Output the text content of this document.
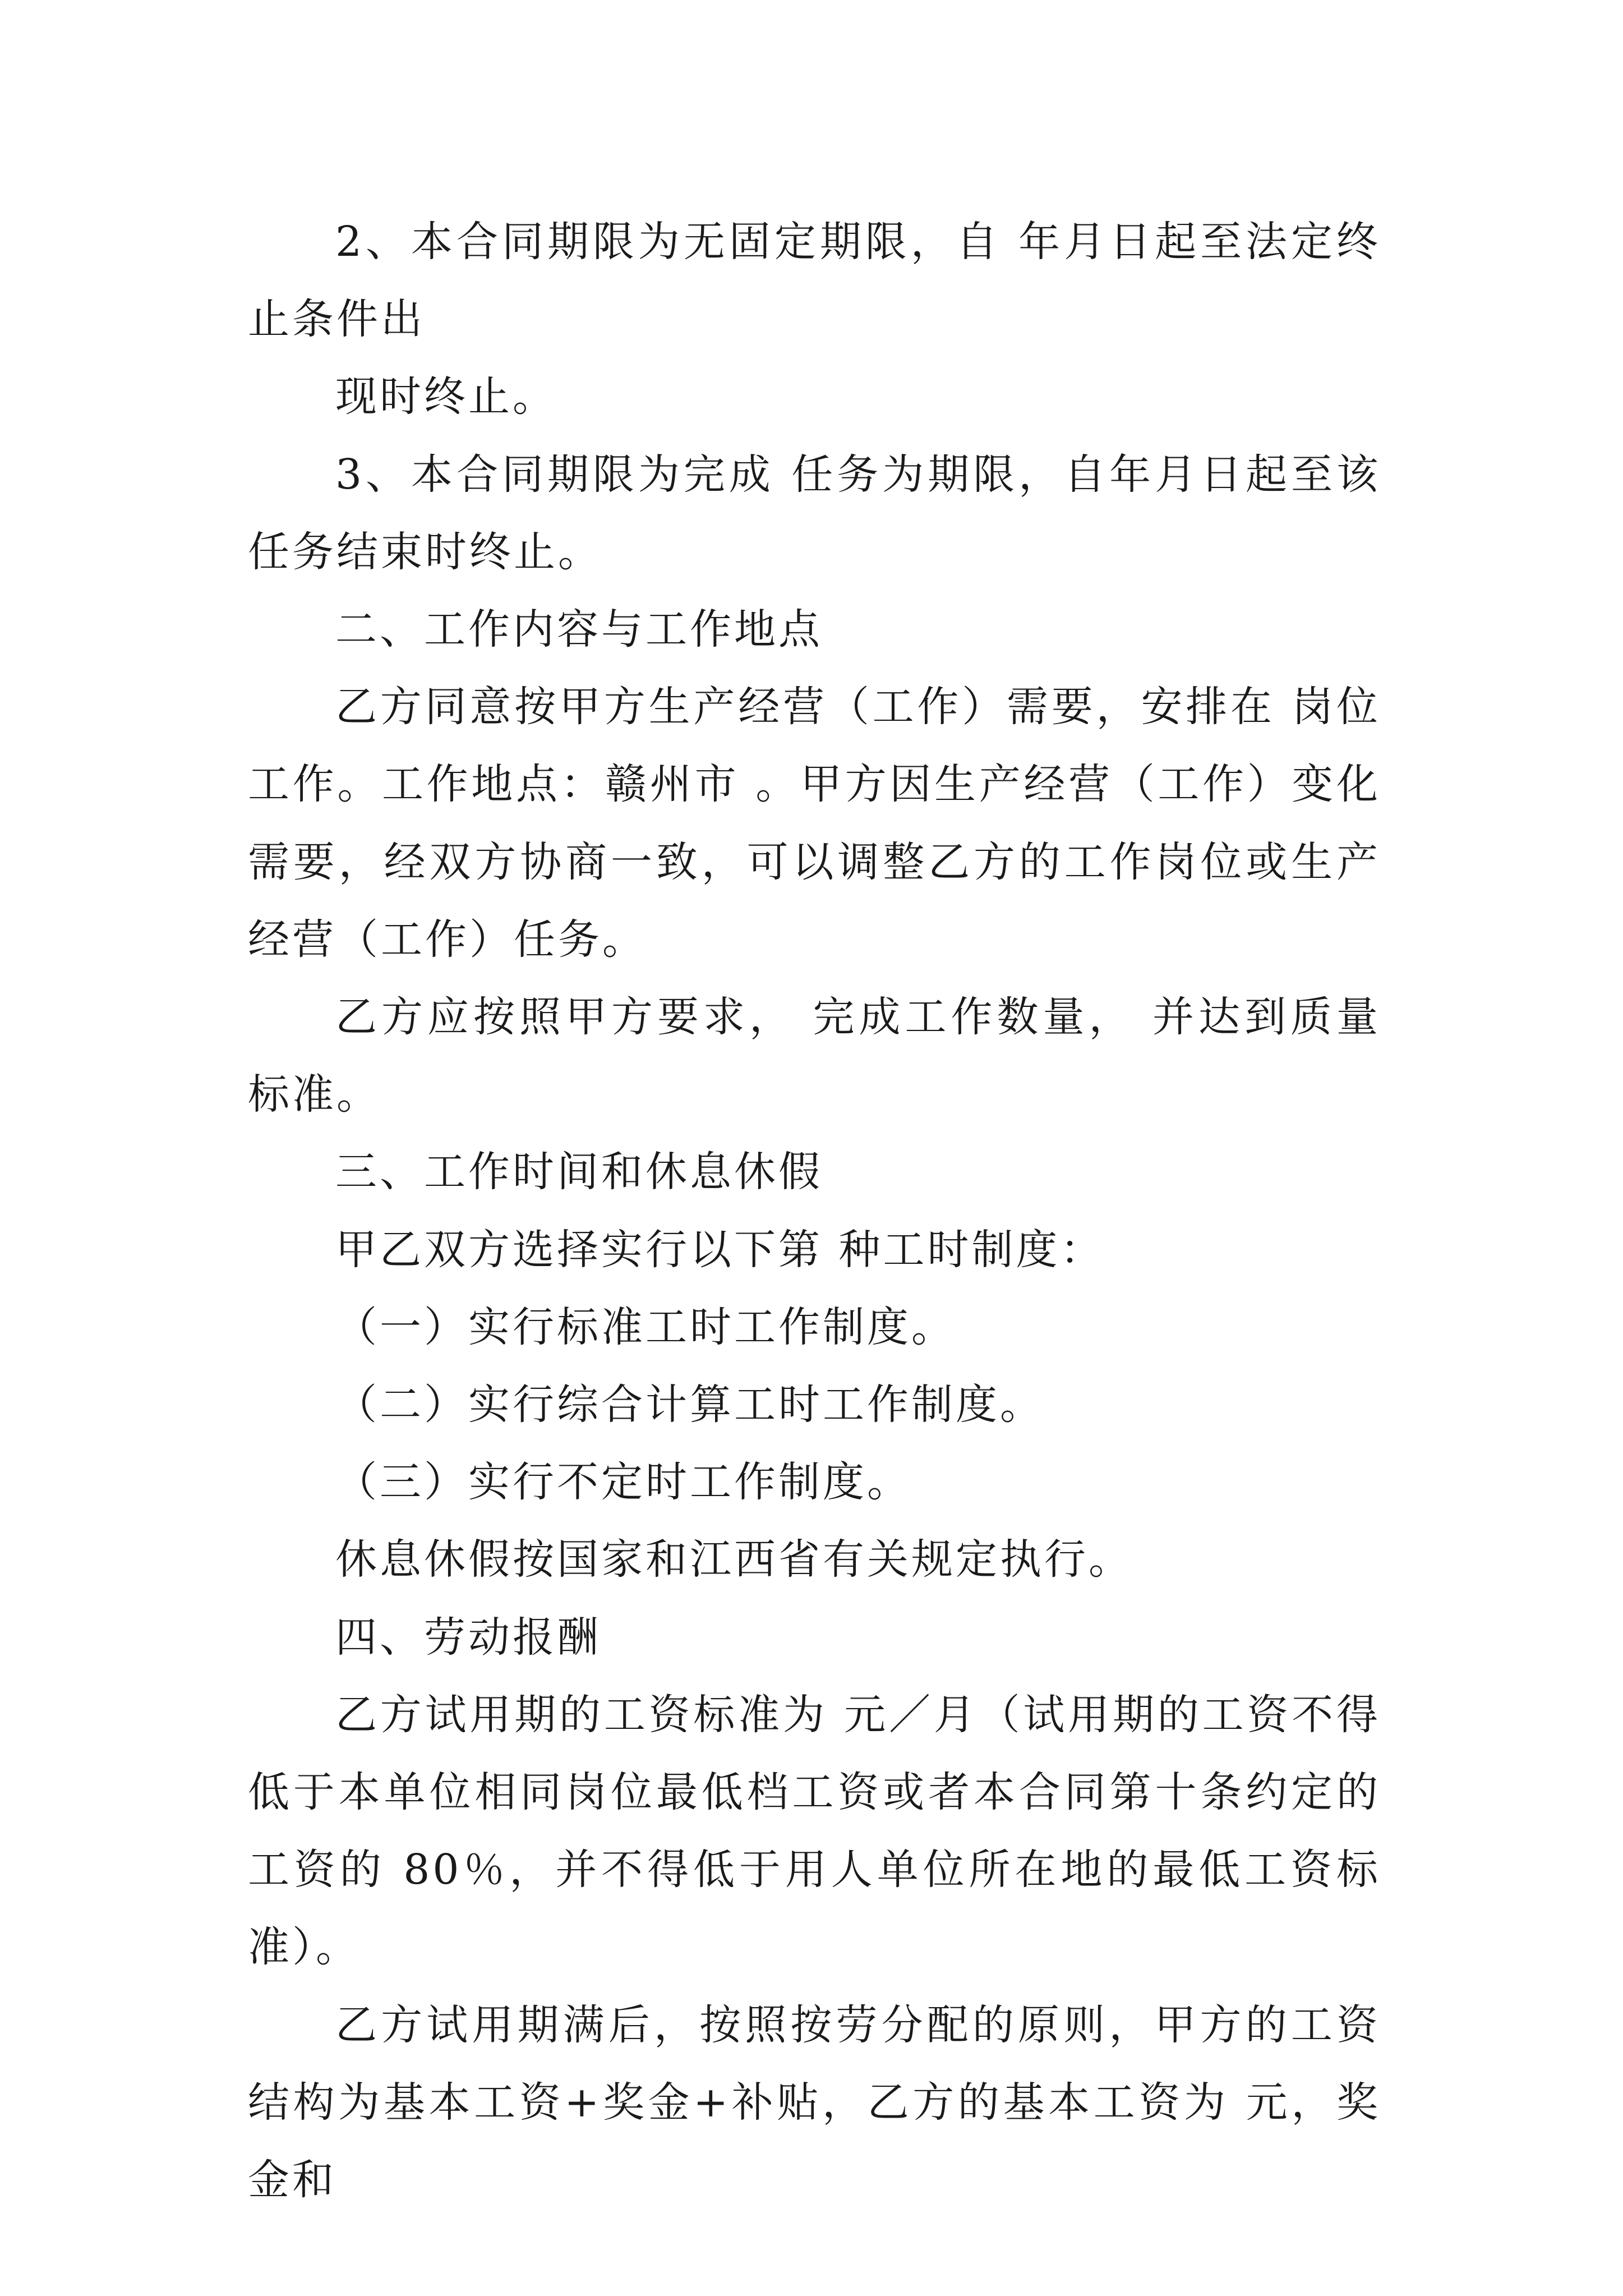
2、本合同期限为无固定期限，自 年月日起至法定终止条件出

现时终止。

3、本合同期限为完成 任务为期限，自年月日起至该任务结束时终止。

二、工作内容与工作地点

乙方同意按甲方生产经营（工作）需要，安排在 岗位工作。工作地点：赣州市 。甲方因生产经营（工作）变化需要，经双方协商一致，可以调整乙方的工作岗位或生产经营（工作）任务。

乙方应按照甲方要求， 完成工作数量， 并达到质量标准。

三、工作时间和休息休假

甲乙双方选择实行以下第 种工时制度：

（一）实行标准工时工作制度。

（二）实行综合计算工时工作制度。

（三）实行不定时工作制度。

休息休假按国家和江西省有关规定执行。

四、劳动报酬

乙方试用期的工资标准为 元／月（试用期的工资不得低于本单位相同岗位最低档工资或者本合同第十条约定的工资的 80％，并不得低于用人单位所在地的最低工资标准）。

乙方试用期满后，按照按劳分配的原则，甲方的工资结构为基本工资+奖金+补贴，乙方的基本工资为 元，奖金和
